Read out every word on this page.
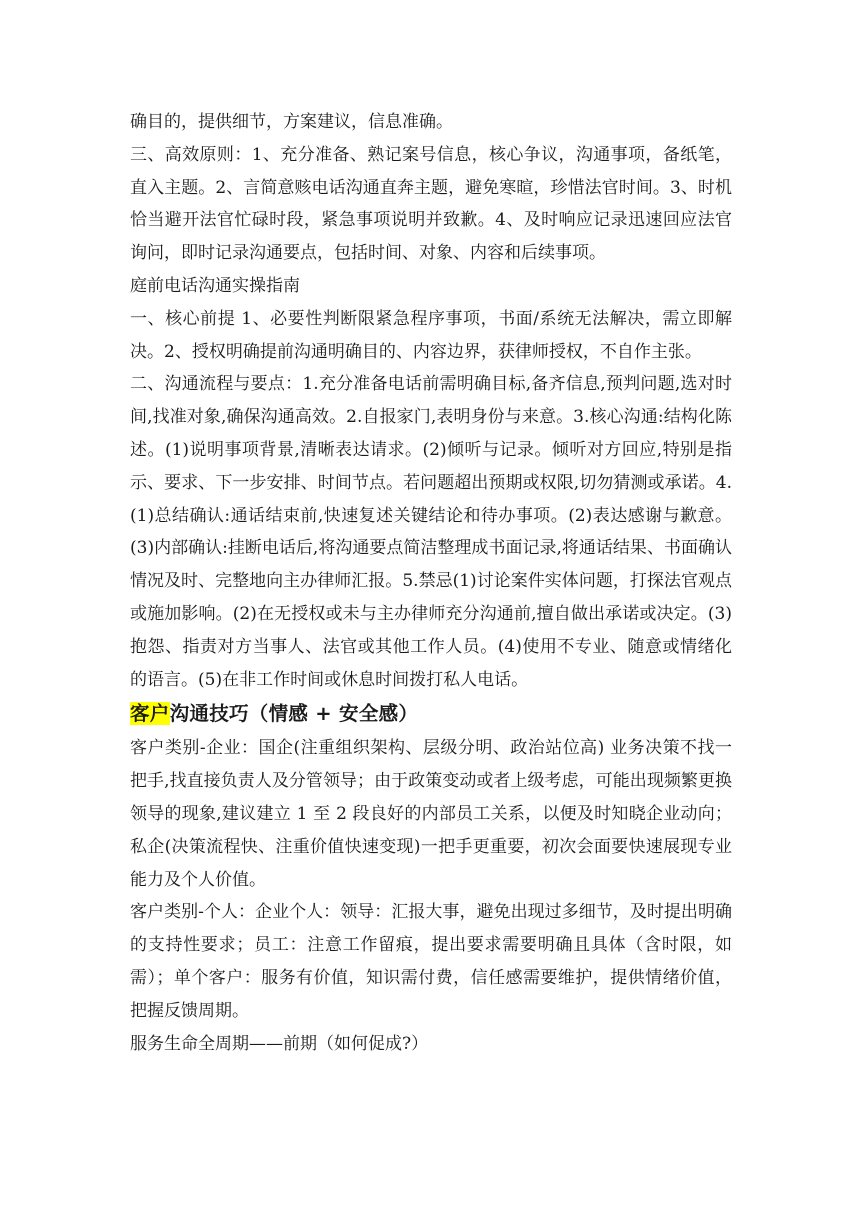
确目的，提供细节，方案建议，信息准确。

三、高效原则：1、充分准备、熟记案号信息，核心争议，沟通事项，备纸笔，直入主题。2、言简意赅电话沟通直奔主题，避免寒暄，珍惜法官时间。3、时机恰当避开法官忙碌时段，紧急事项说明并致歉。4、及时响应记录迅速回应法官询问，即时记录沟通要点，包括时间、对象、内容和后续事项。

庭前电话沟通实操指南

一、核心前提 1、必要性判断限紧急程序事项，书面/系统无法解决，需立即解决。2、授权明确提前沟通明确目的、内容边界，获律师授权，不自作主张。

二、沟通流程与要点：1.充分准备电话前需明确目标,备齐信息,预判问题,选对时间,找准对象,确保沟通高效。2.自报家门,表明身份与来意。3.核心沟通:结构化陈述。(1)说明事项背景,清晰表达请求。(2)倾听与记录。倾听对方回应,特别是指示、要求、下一步安排、时间节点。若问题超出预期或权限,切勿猜测或承诺。4.(1)总结确认:通话结束前,快速复述关键结论和待办事项。(2)表达感谢与歉意。(3)内部确认:挂断电话后,将沟通要点简洁整理成书面记录,将通话结果、书面确认情况及时、完整地向主办律师汇报。5.禁忌(1)讨论案件实体问题，打探法官观点或施加影响。(2)在无授权或未与主办律师充分沟通前,擅自做出承诺或决定。(3)抱怨、指责对方当事人、法官或其他工作人员。(4)使用不专业、随意或情绪化的语言。(5)在非工作时间或休息时间拨打私人电话。

客户沟通技巧（情感 + 安全感）

客户类别-企业：国企(注重组织架构、层级分明、政治站位高) 业务决策不找一把手,找直接负责人及分管领导；由于政策变动或者上级考虑，可能出现频繁更换领导的现象,建议建立 1 至 2 段良好的内部员工关系，以便及时知晓企业动向；私企(决策流程快、注重价值快速变现)一把手更重要，初次会面要快速展现专业能力及个人价值。

客户类别-个人：企业个人：领导：汇报大事，避免出现过多细节，及时提出明确的支持性要求；员工：注意工作留痕，提出要求需要明确且具体（含时限，如需）；单个客户：服务有价值，知识需付费，信任感需要维护，提供情绪价值，把握反馈周期。

服务生命全周期——前期（如何促成?）
